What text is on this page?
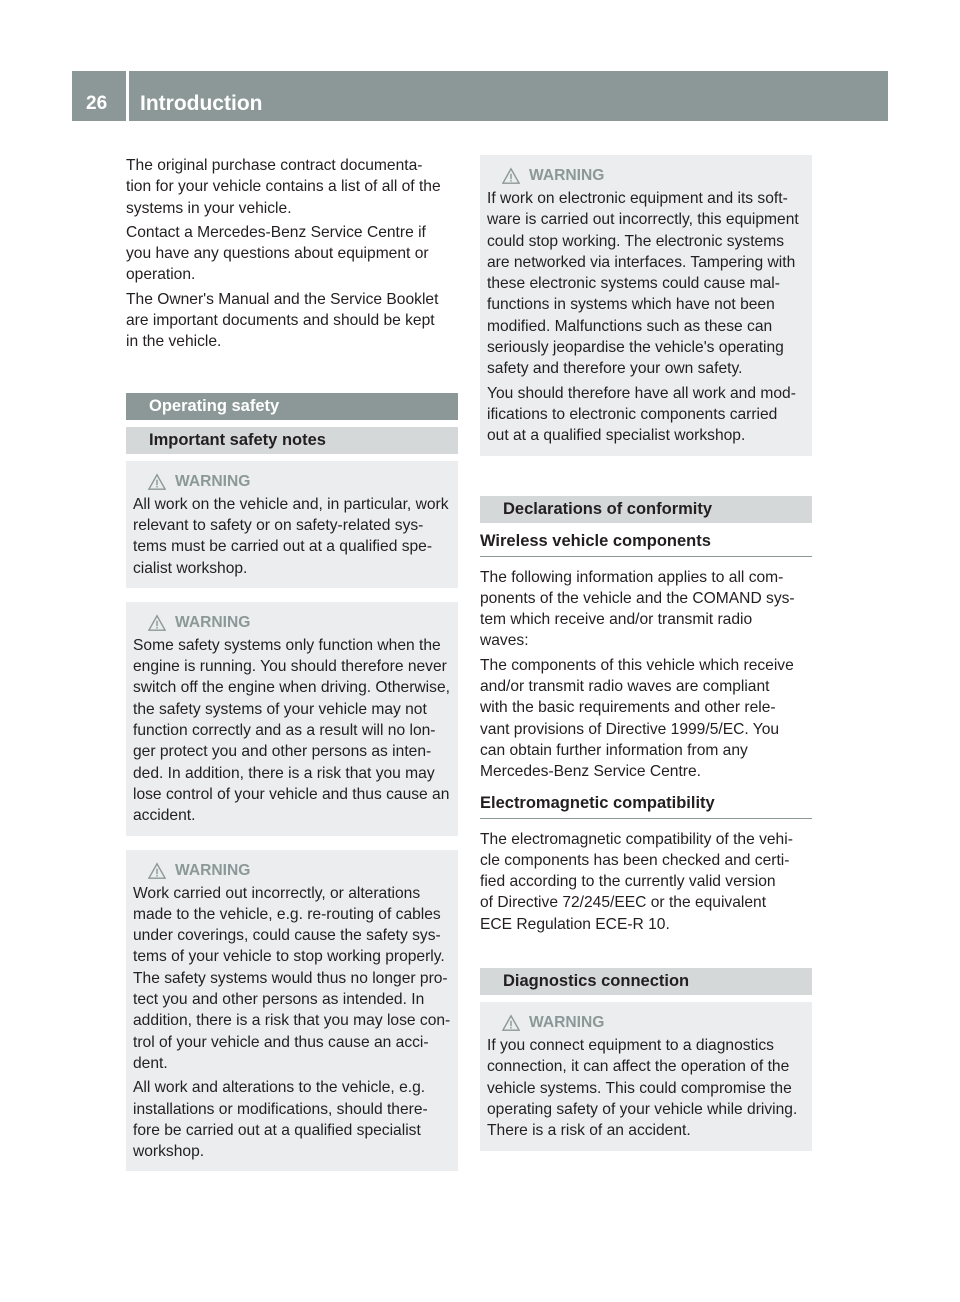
26 Introduction
The original purchase contract documenta-
tion for your vehicle contains a list of all of the
systems in your vehicle.
Contact a Mercedes-Benz Service Centre if
you have any questions about equipment or
operation.
The Owner's Manual and the Service Booklet
are important documents and should be kept
in the vehicle.
Operating safety
Important safety notes
WARNING
All work on the vehicle and, in particular, work
relevant to safety or on safety-related sys-
tems must be carried out at a qualified spe-
cialist workshop.
WARNING
Some safety systems only function when the
engine is running. You should therefore never
switch off the engine when driving. Otherwise,
the safety systems of your vehicle may not
function correctly and as a result will no lon-
ger protect you and other persons as inten-
ded. In addition, there is a risk that you may
lose control of your vehicle and thus cause an
accident.
WARNING
Work carried out incorrectly, or alterations
made to the vehicle, e.g. re-routing of cables
under coverings, could cause the safety sys-
tems of your vehicle to stop working properly.
The safety systems would thus no longer pro-
tect you and other persons as intended. In
addition, there is a risk that you may lose con-
trol of your vehicle and thus cause an acci-
dent.
All work and alterations to the vehicle, e.g.
installations or modifications, should there-
fore be carried out at a qualified specialist
workshop.
WARNING
If work on electronic equipment and its soft-
ware is carried out incorrectly, this equipment
could stop working. The electronic systems
are networked via interfaces. Tampering with
these electronic systems could cause mal-
functions in systems which have not been
modified. Malfunctions such as these can
seriously jeopardise the vehicle's operating
safety and therefore your own safety.
You should therefore have all work and mod-
ifications to electronic components carried
out at a qualified specialist workshop.
Declarations of conformity
Wireless vehicle components
The following information applies to all com-
ponents of the vehicle and the COMAND sys-
tem which receive and/or transmit radio
waves:
The components of this vehicle which receive
and/or transmit radio waves are compliant
with the basic requirements and other rele-
vant provisions of Directive 1999/5/EC. You
can obtain further information from any
Mercedes-Benz Service Centre.
Electromagnetic compatibility
The electromagnetic compatibility of the vehi-
cle components has been checked and certi-
fied according to the currently valid version
of Directive 72/245/EEC or the equivalent
ECE Regulation ECE-R 10.
Diagnostics connection
WARNING
If you connect equipment to a diagnostics
connection, it can affect the operation of the
vehicle systems. This could compromise the
operating safety of your vehicle while driving.
There is a risk of an accident.
